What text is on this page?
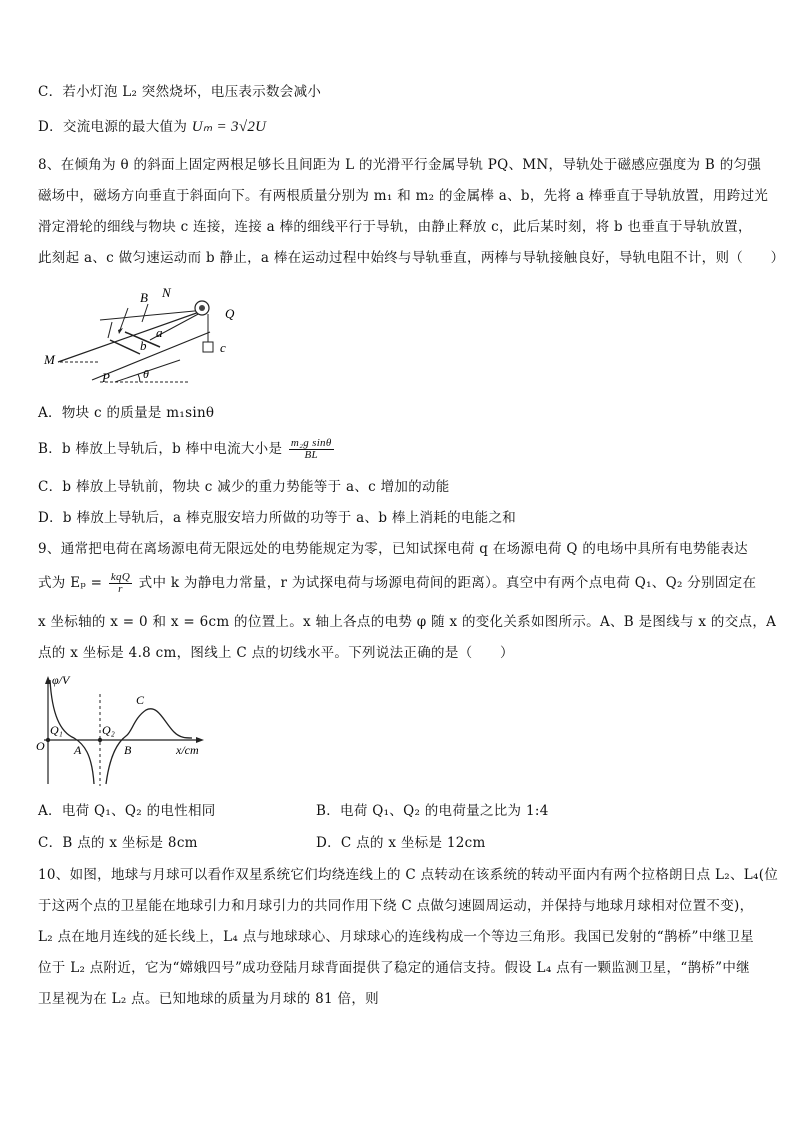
C．若小灯泡 L₂ 突然烧坏，电压表示数会减小
D．交流电源的最大值为 Uₘ = 3√2U
8、在倾角为 θ 的斜面上固定两根足够长且间距为 L 的光滑平行金属导轨 PQ、MN，导轨处于磁感应强度为 B 的匀强
磁场中，磁场方向垂直于斜面向下。有两根质量分别为 m₁ 和 m₂ 的金属棒 a、b，先将 a 棒垂直于导轨放置，用跨过光
滑定滑轮的细线与物块 c 连接，连接 a 棒的细线平行于导轨，由静止释放 c，此后某时刻，将 b 也垂直于导轨放置，
此刻起 a、c 做匀速运动而 b 静止，a 棒在运动过程中始终与导轨垂直，两棒与导轨接触良好，导轨电阻不计，则（　　）
B N
Q
a
b	c
M
P	θ
A．物块 c 的质量是 m₁sinθ
B．b 棒放上导轨后，b 棒中电流大小是 $\frac{\text{m₂g sinθ}}{BL}$
C．b 棒放上导轨前，物块 c 减少的重力势能等于 a、c 增加的动能
D．b 棒放上导轨后，a 棒克服安培力所做的功等于 a、b 棒上消耗的电能之和
9、通常把电荷在离场源电荷无限远处的电势能规定为零，已知试探电荷 q 在场源电荷 Q 的电场中具所有电势能表达
式为 $E_p = \frac{\text{kqQ}}{r}$ 式中 k 为静电力常量，r 为试探电荷与场源电荷间的距离）。真空中有两个点电荷 Q₁、Q₂ 分别固定在
x 坐标轴的 x = 0 和 x = 6cm 的位置上。x 轴上各点的电势 φ 随 x 的变化关系如图所示。A、B 是图线与 x 的交点，A
点的 x 坐标是 4.8 cm，图线上 C 点的切线水平。下列说法正确的是（　　）
φ/V
x/cm
O
Q₁	Q₂
A	B
C
A．电荷 Q₁、Q₂ 的电性相同	B．电荷 Q₁、Q₂ 的电荷量之比为 1:4
C．B 点的 x 坐标是 8cm	D．C 点的 x 坐标是 12cm
10、如图，地球与月球可以看作双星系统它们均绕连线上的 C 点转动在该系统的转动平面内有两个拉格朗日点 L₂、L₄(位
于这两个点的卫星能在地球引力和月球引力的共同作用下绕 C 点做匀速圆周运动，并保持与地球月球相对位置不变)，
L₂ 点在地月连线的延长线上，L₄ 点与地球球心、月球球心的连线构成一个等边三角形。我国已发射的“鹊桥”中继卫星
位于 L₂ 点附近，它为“嫦娥四号”成功登陆月球背面提供了稳定的通信支持。假设 L₄ 点有一颗监测卫星，“鹊桥”中继
卫星视为在 L₂ 点。已知地球的质量为月球的 81 倍，则
